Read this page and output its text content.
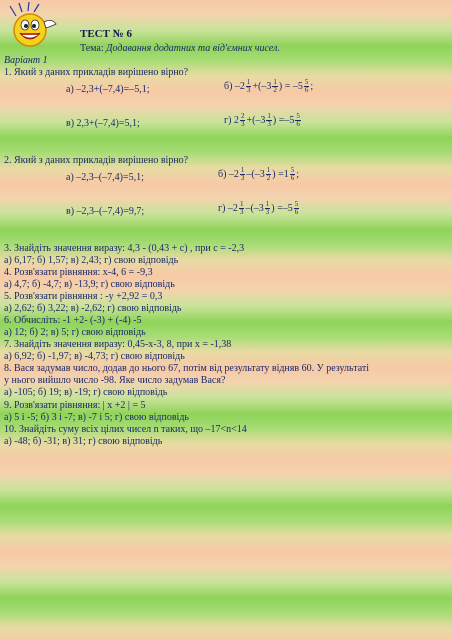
ТЕСТ № 6
Тема: Додавання додатних та від'ємних чисел.
Варіант 1
1. Який з даних прикладів вирішено вірно?
а) –2,3+(–7,4)=–5,1;	б) $-2 \frac{1}{3} +(-3 \frac{1}{2}$ ) = $-5 \frac{5}{6}$ ;
в) 2,3+(–7,4)=5,1;	г) $2 \frac{2}{3} +(-3 \frac{1}{3}$ ) $=-5 \frac{5}{6}$
2. Який з даних прикладів вирішено вірно?
а) –2,3–(–7,4)=5,1;	б) $-2 \frac{1}{3} -(-3 \frac{1}{2}$ ) $=1 \frac{5}{6}$ ;
в) –2,3–(–7,4)=9,7;	г) $-2 \frac{1}{3} -(-3 \frac{1}{3}$ ) $=-5 \frac{5}{6}$
3. Знайдіть значення виразу: 4,3 - (0,43 + с) , при с = -2,3
а) 6,17; б) 1,57; в) 2,43; г) свою відповідь
4. Розв'язати рівняння: х-4, 6 = -9,3
а) 4,7; б) -4,7; в) -13,9; г) свою відповідь
5. Розв'язати рівняння : -у +2,92 = 0,3
а) 2,62; б) 3,22; в) -2,62; г) свою відповідь
6. Обчисліть: -1 +2- (-3) + (-4) -5
а) 12; б) 2; в) 5; г) свою відповідь
7. Знайдіть значення виразу: 0,45-х-3, 8, при х = -1,38
а) 6,92; б) -1,97; в) -4,73; г) свою відповідь
8. Вася задумав число, додав до нього 67, потім від результату відняв 60. У результаті
у нього вийшло число -98. Яке число задумав Вася?
а) -105; б) 19; в) -19; г) свою відповідь
9. Розв'язати рівняння: | х +2 | = 5
а) 5 і -5; б) 3 і -7; в) -7 і 5; г) свою відповідь
10. Знайдіть суму всіх цілих чисел n таких, що –17<n<14
а) -48; б) -31; в) 31; г) свою відповідь
